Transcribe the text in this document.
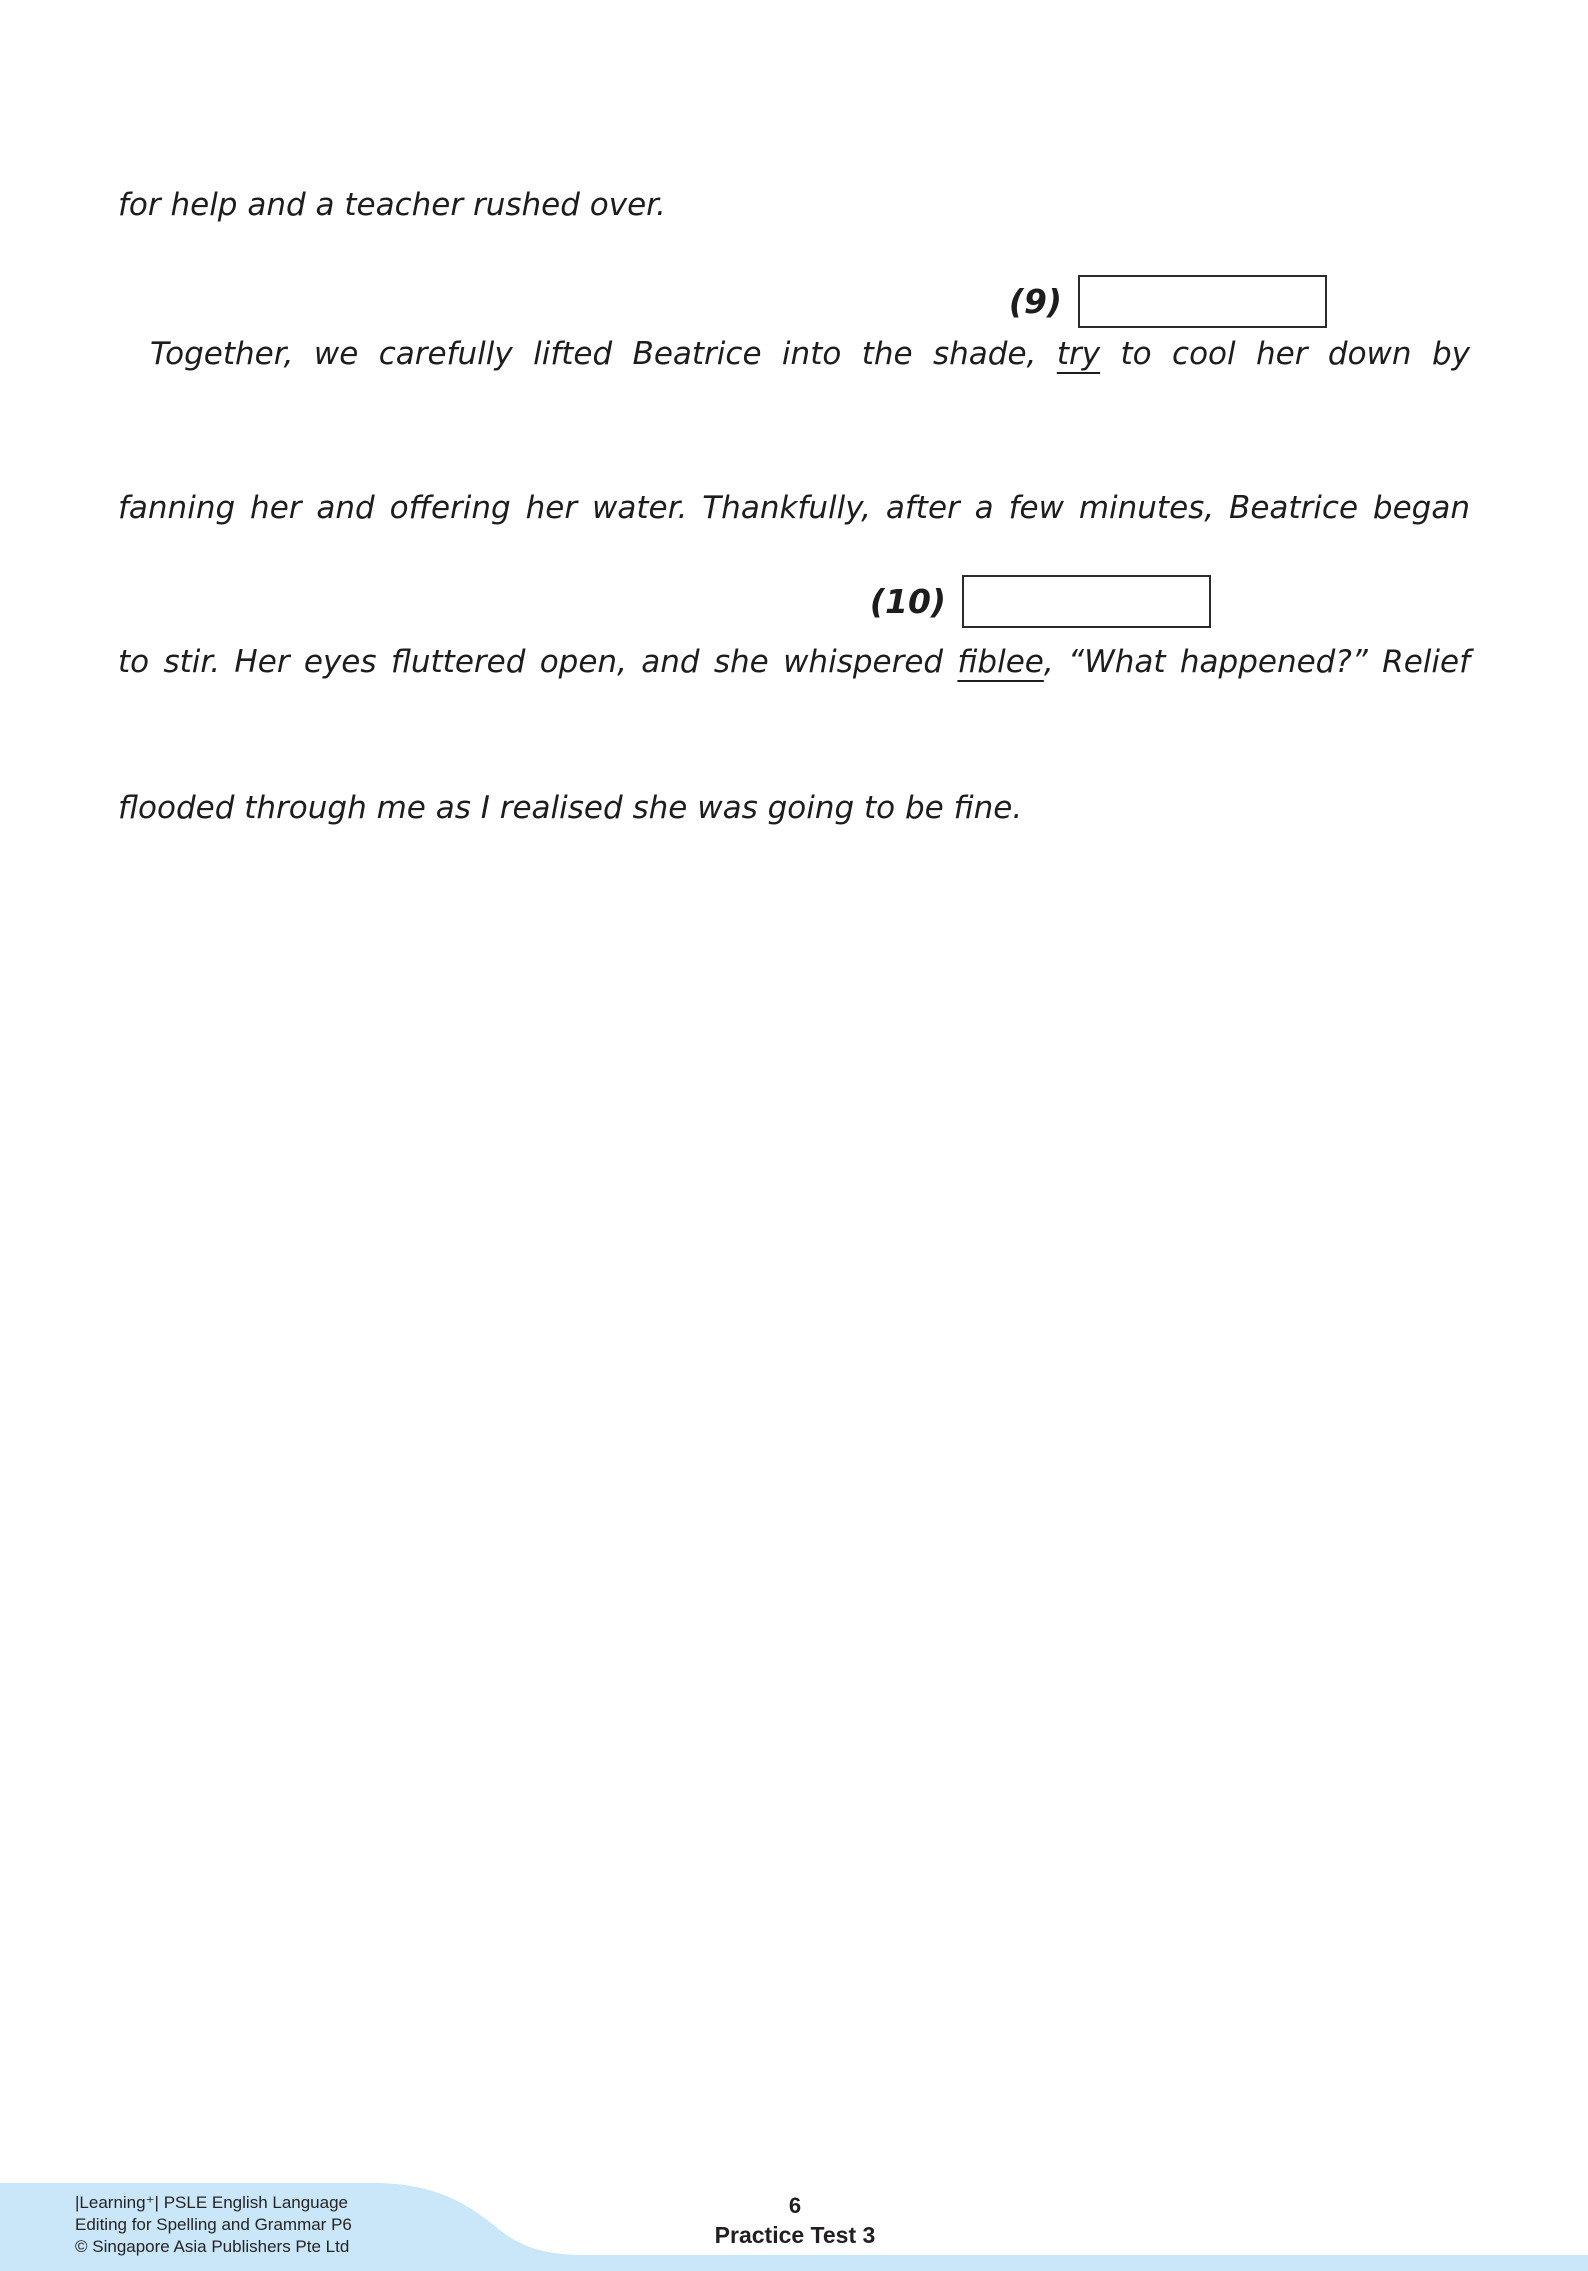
for help and a teacher rushed over.
(9)
Together, we carefully lifted Beatrice into the shade, try to cool her down by
fanning her and offering her water. Thankfully, after a few minutes, Beatrice began
(10)
to stir. Her eyes fluttered open, and she whispered fiblee, “What happened?” Relief
flooded through me as I realised she was going to be fine.
|Learning⁺| PSLE English Language
Editing for Spelling and Grammar P6
© Singapore Asia Publishers Pte Ltd
6
Practice Test 3
